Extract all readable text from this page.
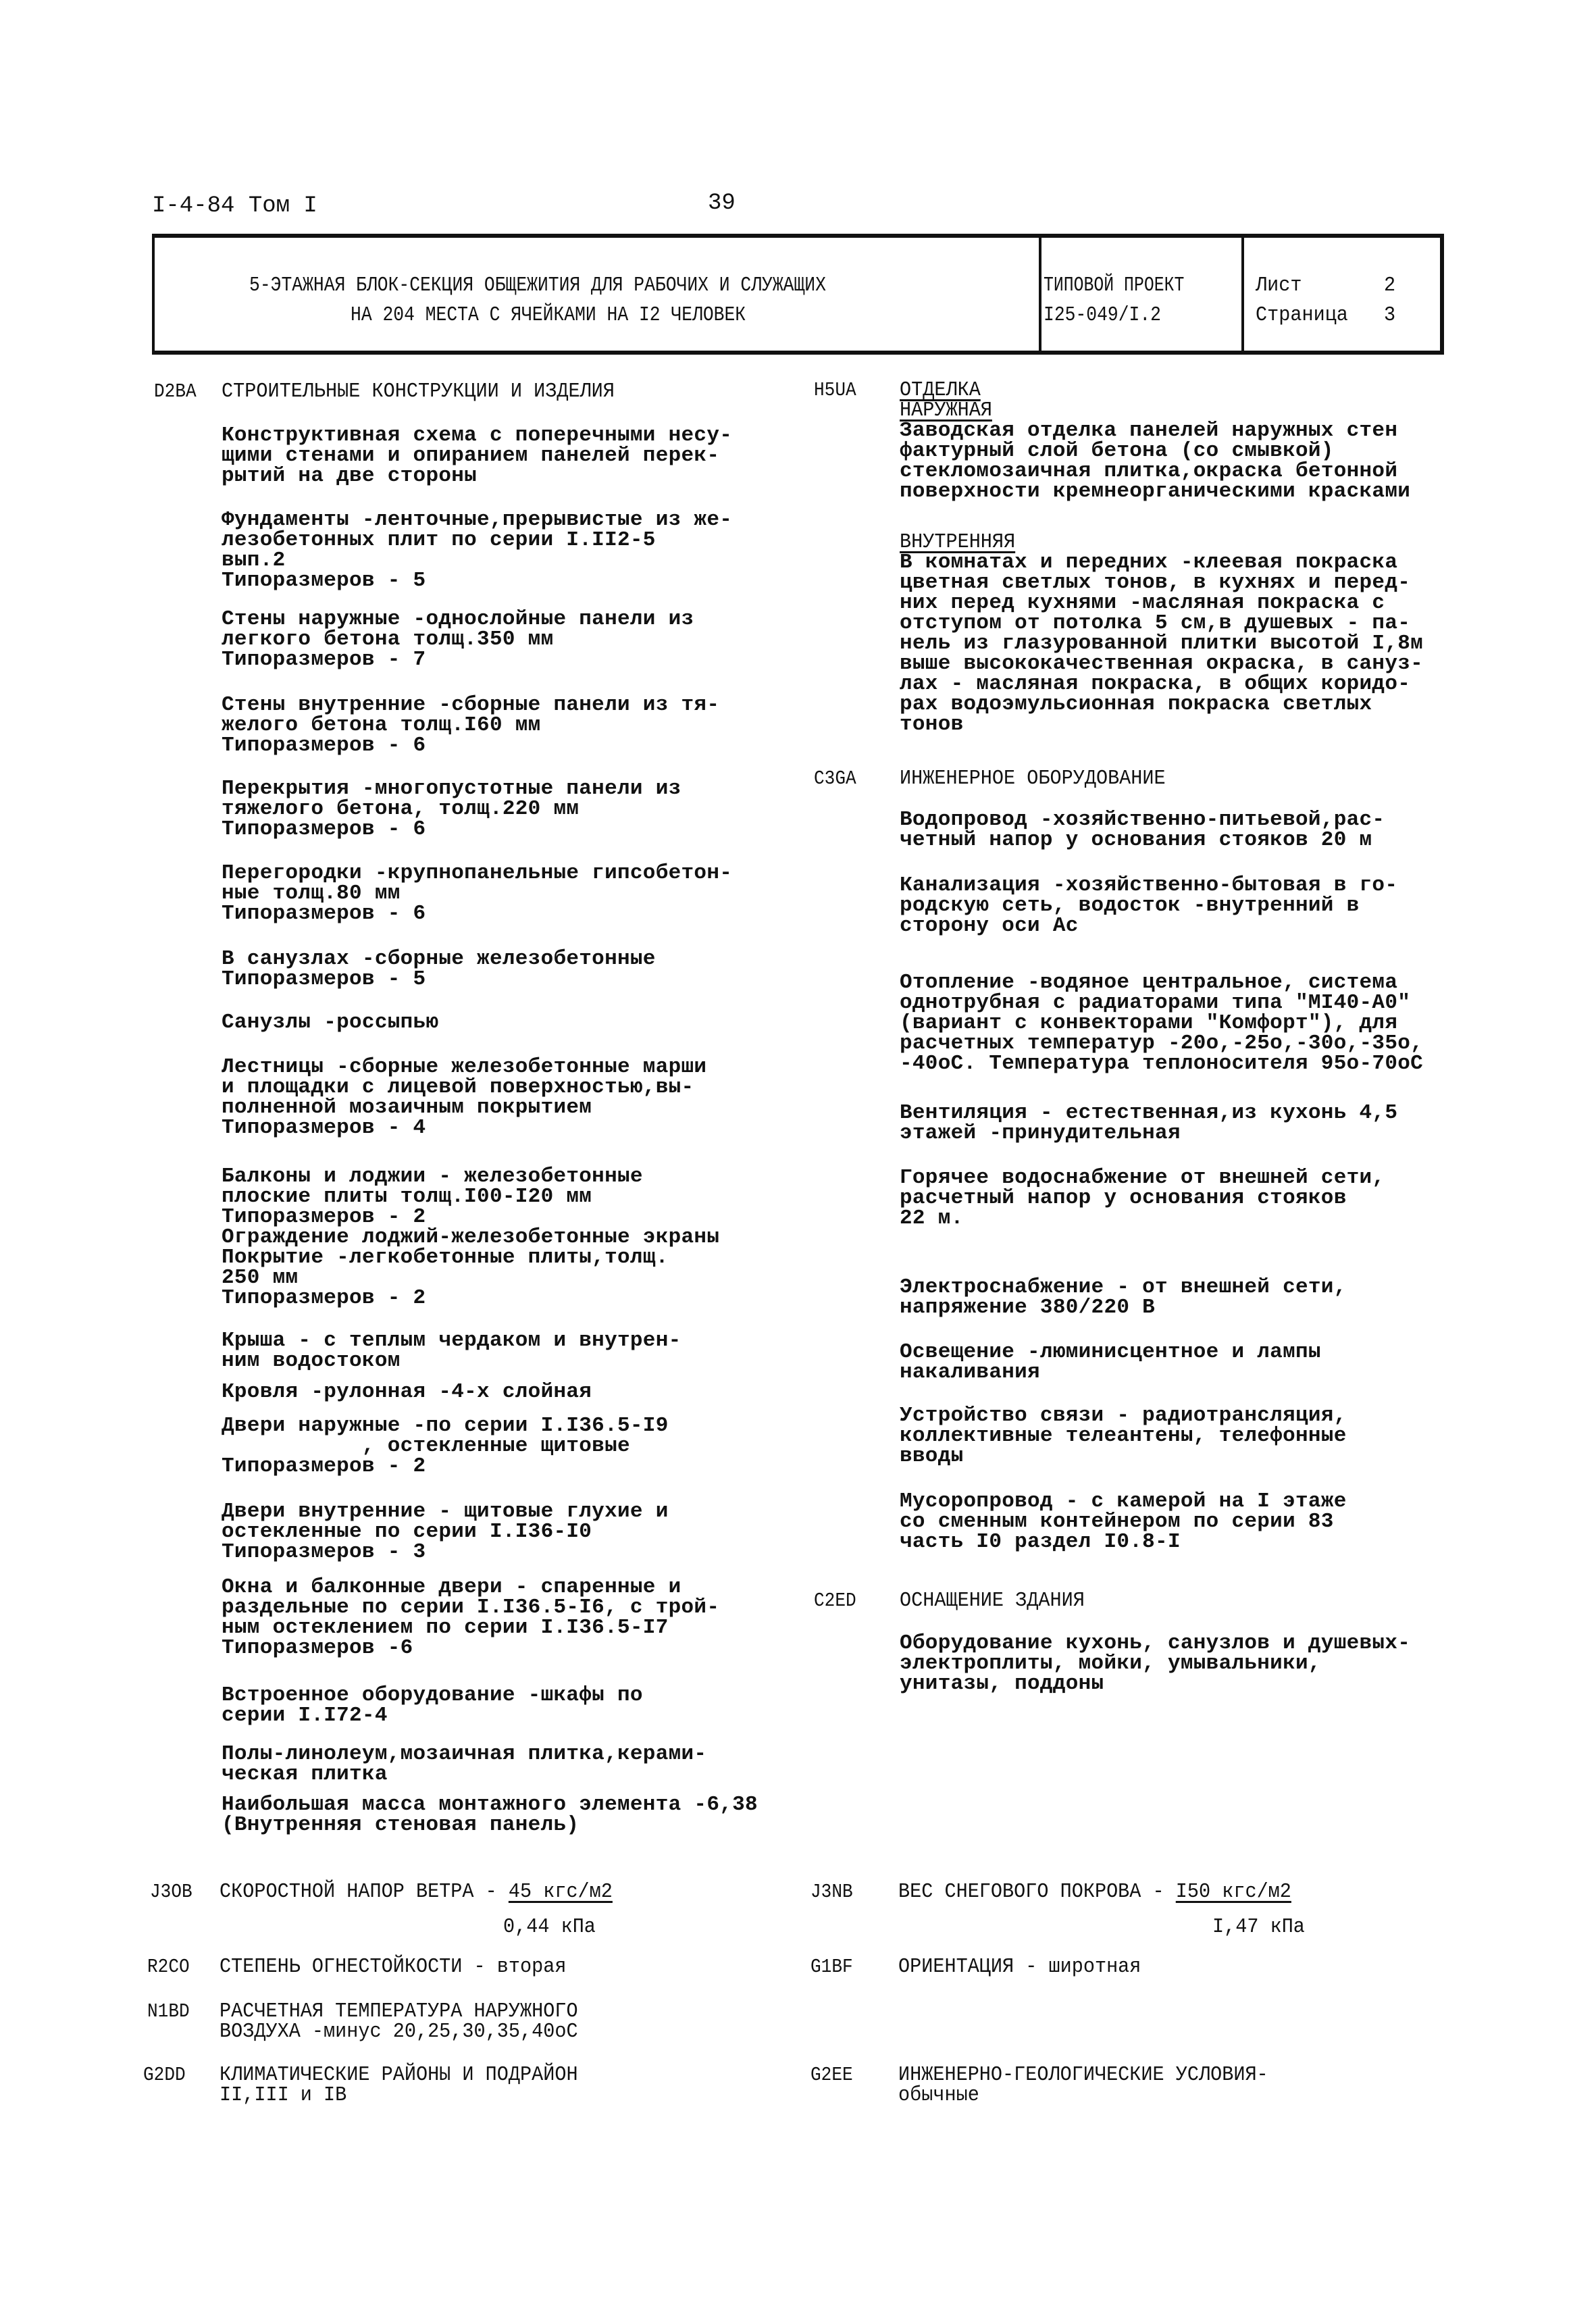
I-4-84 Том I	39
5-ЭТАЖНАЯ БЛОК-СЕКЦИЯ ОБЩЕЖИТИЯ ДЛЯ РАБОЧИХ И СЛУЖАЩИХ
НА 204 МЕСТА С ЯЧЕЙКАМИ НА I2 ЧЕЛОВЕК
ТИПОВОЙ ПРОЕКТ
I25-049/I.2
Лист	2
Страница 3
D2BA СТРОИТЕЛЬНЫЕ КОНСТРУКЦИИ И ИЗДЕЛИЯ
Конструктивная схема с поперечными несу-
щими стенами и опиранием панелей перек-
рытий на две стороны
Фундаменты -ленточные,прерывистые из же-
лезобетонных плит по серии I.II2-5
вып.2
Типоразмеров - 5
Стены наружные -однослойные панели из
легкого бетона толщ.350 мм
Типоразмеров - 7
Стены внутренние -сборные панели из тя-
желого бетона толщ.I60 мм
Типоразмеров - 6
Перекрытия -многопустотные панели из
тяжелого бетона, толщ.220 мм
Типоразмеров - 6
Перегородки -крупнопанельные гипсобетон-
ные толщ.80 мм
Типоразмеров - 6
В санузлах -сборные железобетонные
Типоразмеров - 5
Санузлы -россыпью
Лестницы -сборные железобетонные марши
и площадки с лицевой поверхностью,вы-
полненной мозаичным покрытием
Типоразмеров - 4
Балконы и лоджии - железобетонные
плоские плиты толщ.I00-I20 мм
Типоразмеров - 2
Ограждение лоджий-железобетонные экраны
Покрытие -легкобетонные плиты,толщ.
250 мм
Типоразмеров - 2
Крыша - с теплым чердаком и внутрен-
ним водостоком
Кровля -рулонная -4-х слойная
Двери наружные -по серии I.I36.5-I9
, остекленные щитовые
Типоразмеров - 2
Двери внутренние - щитовые глухие и
остекленные по серии I.I36-I0
Типоразмеров - 3
Окна и балконные двери - спаренные и
раздельные по серии I.I36.5-I6, с трой-
ным остеклением по серии I.I36.5-I7
Типоразмеров -6
Встроенное оборудование -шкафы по
серии I.I72-4
Полы-линолеум,мозаичная плитка,керами-
ческая плитка
Наибольшая масса монтажного элемента -6,38
(Внутренняя стеновая панель)
H5UA ОТДЕЛКА
НАРУЖНАЯ
Заводская отделка панелей наружных стен
фактурный слой бетона (со смывкой)
стекломозаичная плитка,окраска бетонной
поверхности кремнеорганическими красками
ВНУТРЕННЯЯ
В комнатах и передних -клеевая покраска
цветная светлых тонов, в кухнях и перед-
них перед кухнями -масляная покраска с
отступом от потолка 5 см,в душевых - па-
нель из глазурованной плитки высотой I,8м
выше высококачественная окраска, в сануз-
лах - масляная покраска, в общих коридо-
рах водоэмульсионная покраска светлых
тонов
C3GA ИНЖЕНЕРНОЕ ОБОРУДОВАНИЕ
Водопровод -хозяйственно-питьевой,рас-
четный напор у основания стояков 20 м
Канализация -хозяйственно-бытовая в го-
родскую сеть, водосток -внутренний в
сторону оси Ас
Отопление -водяное центральное, система
однотрубная с радиаторами типа "МI40-А0"
(вариант с конвекторами "Комфорт"), для
расчетных температур -20о,-25о,-30о,-35о,
-40оС. Температура теплоносителя 95о-70оС
Вентиляция - естественная,из кухонь 4,5
этажей -принудительная
Горячее водоснабжение от внешней сети,
расчетный напор у основания стояков
22 м.
Электроснабжение - от внешней сети,
напряжение 380/220 В
Освещение -люминисцентное и лампы
накаливания
Устройство связи - радиотрансляция,
коллективные телеантены, телефонные
вводы
Мусоропровод - с камерой на I этаже
со сменным контейнером по серии 83
часть I0 раздел I0.8-I
C2ED ОСНАЩЕНИЕ ЗДАНИЯ
Оборудование кухонь, санузлов и душевых-
электроплиты, мойки, умывальники,
унитазы, поддоны
J3OB СКОРОСТНОЙ НАПОР ВЕТРА - 45 кгс/м2
0,44 кПа
J3NB ВЕС СНЕГОВОГО ПОКРОВА - I50 кгс/м2
I,47 кПа
R2CO СТЕПЕНЬ ОГНЕСТОЙКОСТИ - вторая	G1BF ОРИЕНТАЦИЯ - широтная
N1BD РАСЧЕТНАЯ ТЕМПЕРАТУРА НАРУЖНОГО
ВОЗДУХА -минус 20,25,30,35,40оС
G2DD КЛИМАТИЧЕСКИЕ РАЙОНЫ И ПОДРАЙОН
II,III и IВ
G2EE ИНЖЕНЕРНО-ГЕОЛОГИЧЕСКИЕ УСЛОВИЯ-
обычные
